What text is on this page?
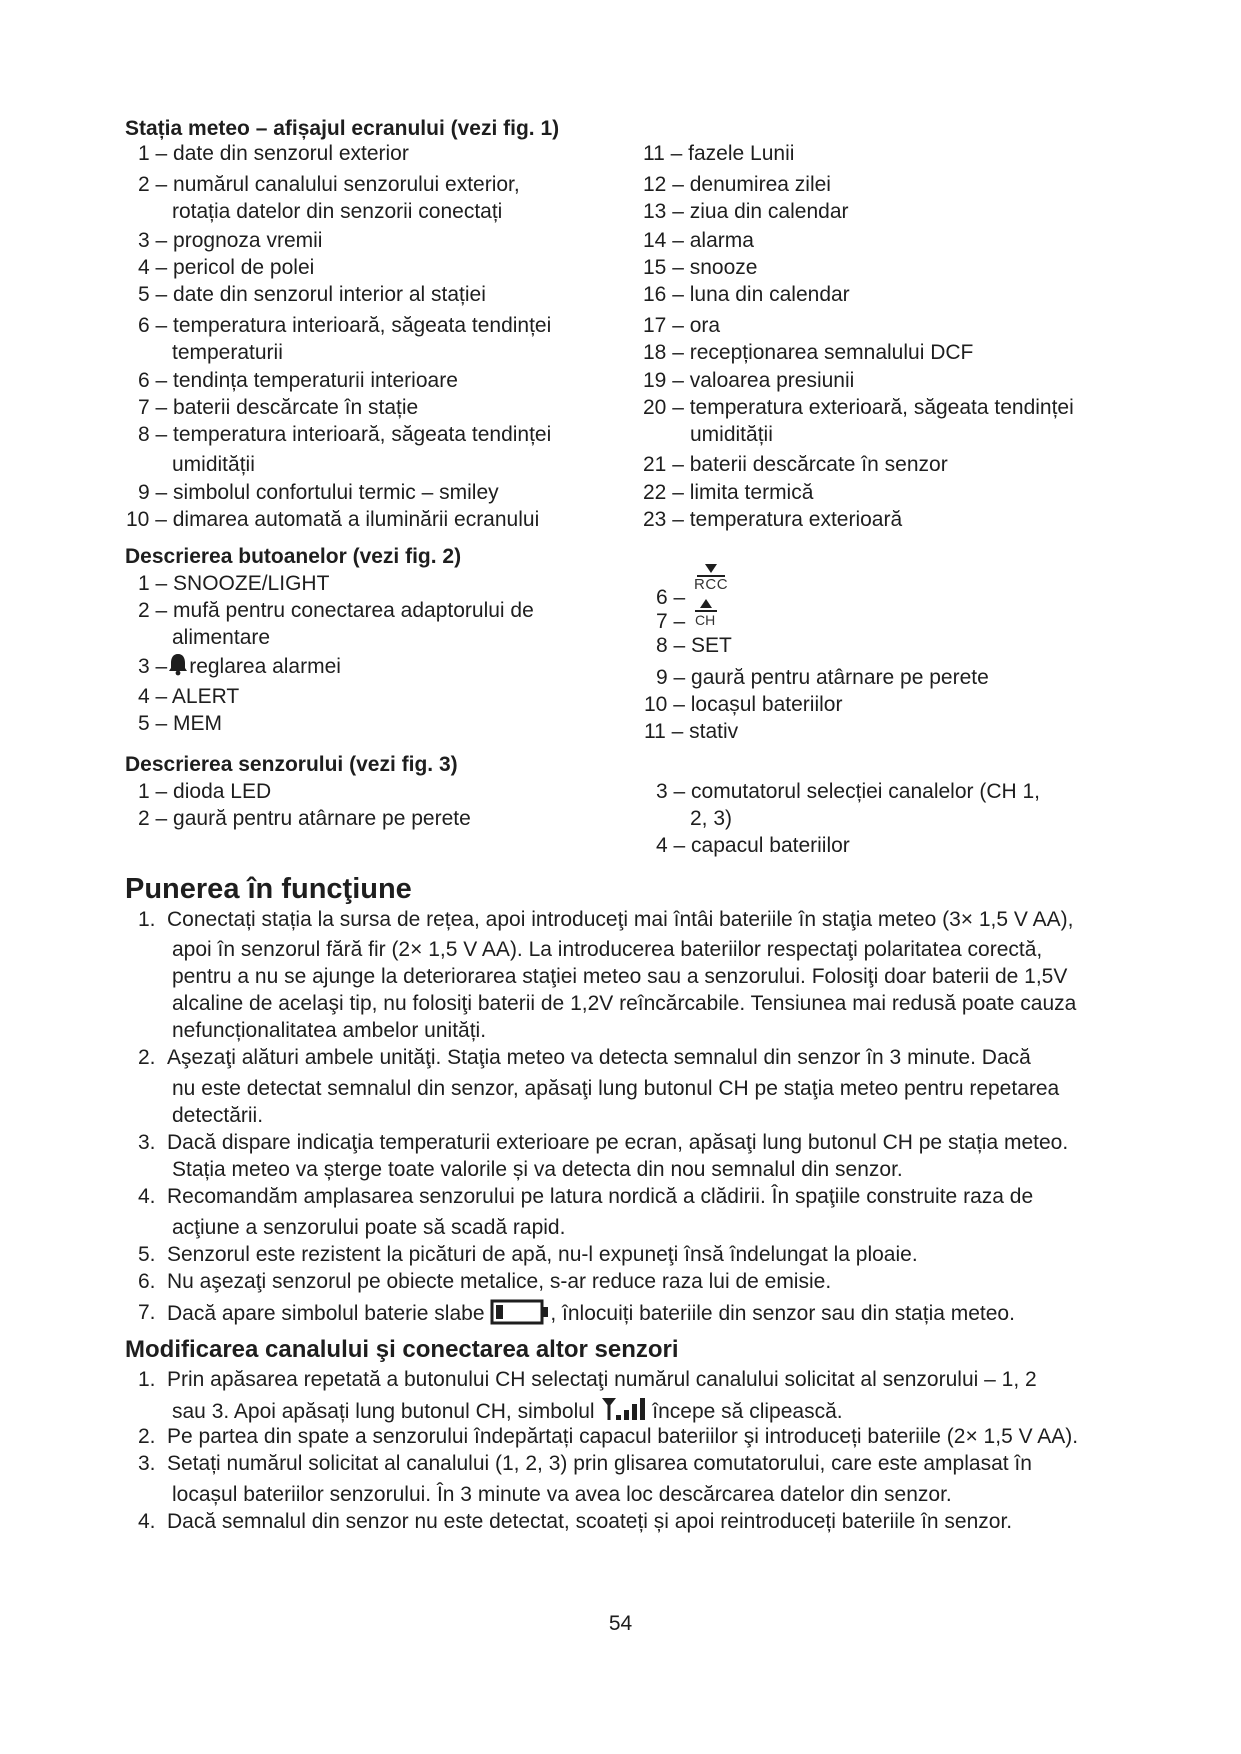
Stația meteo – afișajul ecranului (vezi fig. 1)
1 – date din senzorul exterior
2 – numărul canalului senzorului exterior,
rotația datelor din senzorii conectați
3 – prognoza vremii
4 – pericol de polei
5 – date din senzorul interior al stației
6 – temperatura interioară, săgeata tendinței
temperaturii
6 – tendința temperaturii interioare
7 – baterii descărcate în stație
8 – temperatura interioară, săgeata tendinței
umidității
9 – simbolul confortului termic – smiley
10 – dimarea automată a iluminării ecranului
11 – fazele Lunii
12 – denumirea zilei
13 – ziua din calendar
14 – alarma
15 – snooze
16 – luna din calendar
17 – ora
18 – recepționarea semnalului DCF
19 – valoarea presiunii
20 – temperatura exterioară, săgeata tendinței
umidității
21 – baterii descărcate în senzor
22 – limita termică
23 – temperatura exterioară
Descrierea butoanelor (vezi fig. 2)
1 – SNOOZE/LIGHT
2 – mufă pentru conectarea adaptorului de
alimentare
3 – reglarea alarmei
4 – ALERT
5 – MEM
6 –
RCC
7 – CH
8 – SET
9 – gaură pentru atârnare pe perete
10 – locașul bateriilor
11 – stativ
Descrierea senzorului (vezi fig. 3)
1 – dioda LED
2 – gaură pentru atârnare pe perete
3 – comutatorul selecției canalelor (CH 1,
2, 3)
4 – capacul bateriilor
Punerea în funcţiune
1. Conectați stația la sursa de rețea, apoi introduceţi mai întâi bateriile în staţia meteo (3× 1,5 V AA),
apoi în senzorul fără fir (2× 1,5 V AA). La introducerea bateriilor respectaţi polaritatea corectă,
pentru a nu se ajunge la deteriorarea staţiei meteo sau a senzorului. Folosiţi doar baterii de 1,5V
alcaline de acelaşi tip, nu folosiţi baterii de 1,2V reîncărcabile. Tensiunea mai redusă poate cauza
nefuncționalitatea ambelor unități.
2. Aşezaţi alături ambele unităţi. Staţia meteo va detecta semnalul din senzor în 3 minute. Dacă
nu este detectat semnalul din senzor, apăsaţi lung butonul CH pe staţia meteo pentru repetarea
detectării.
3. Dacă dispare indicaţia temperaturii exterioare pe ecran, apăsaţi lung butonul CH pe stația meteo.
Stația meteo va șterge toate valorile și va detecta din nou semnalul din senzor.
4. Recomandăm amplasarea senzorului pe latura nordică a clădirii. În spaţiile construite raza de
acţiune a senzorului poate să scadă rapid.
5. Senzorul este rezistent la picături de apă, nu-l expuneţi însă îndelungat la ploaie.
6. Nu aşezaţi senzorul pe obiecte metalice, s-ar reduce raza lui de emisie.
7. Dacă apare simbolul baterie slabe	, înlocuiți bateriile din senzor sau din stația meteo.
Modificarea canalului şi conectarea altor senzori
1. Prin apăsarea repetată a butonului CH selectaţi numărul canalului solicitat al senzorului – 1, 2
sau 3. Apoi apăsați lung butonul CH, simbolul	începe să clipească.
2. Pe partea din spate a senzorului îndepărtați capacul bateriilor şi introduceți bateriile (2× 1,5 V AA).
3. Setați numărul solicitat al canalului (1, 2, 3) prin glisarea comutatorului, care este amplasat în
locașul bateriilor senzorului. În 3 minute va avea loc descărcarea datelor din senzor.
4. Dacă semnalul din senzor nu este detectat, scoateți și apoi reintroduceți bateriile în senzor.
54
